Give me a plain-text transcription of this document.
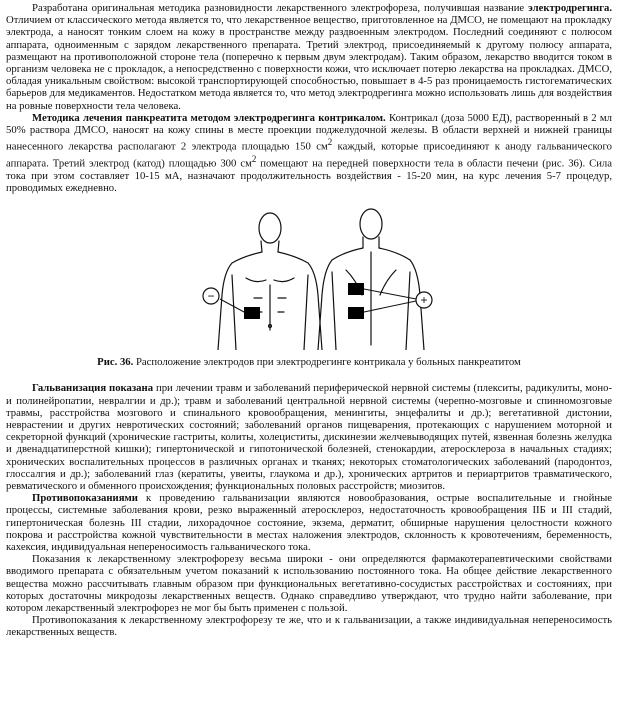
Разработана оригинальная методика разновидности лекарственного электрофореза, получившая название электродрегинга. Отличием от классического метода является то, что лекарственное вещество, приготовленное на ДМСО, не помещают на прокладку электрода, а наносят тонким слоем на кожу в пространстве между раздвоенным электродом. Последний соединяют с полюсом аппарата, одноименным с зарядом лекарственного препарата. Третий электрод, присоединяемый к другому полюсу аппарата, размещают на противоположной стороне тела (поперечно к первым двум электродам). Таким образом, лекарство вводится током в организм человека не с прокладок, а непосредственно с поверхности кожи, что исключает потерю лекарства на прокладках. ДМСО, обладая уникальным свойством: высокой транспортирующей способностью, повышает в 4-5 раз проницаемость гистогематических барьеров для медикаментов. Недостатком метода является то, что метод электродрегинга можно использовать лишь для воздействия на ровные поверхности тела человека.

Методика лечения панкреатита методом электродрегинга контрикалом. Контрикал (доза 5000 ЕД), растворенный в 2 мл 50% раствора ДМСО, наносят на кожу спины в месте проекции поджелудочной железы. В области верхней и нижней границы нанесенного лекарства располагают 2 электрода площадью 150 $см^2$ каждый, которые присоединяют к аноду гальванического аппарата. Третий электрод (катод) площадью 300 $см^2$ помещают на передней поверхности тела в области печени (рис. 36). Сила тока при этом составляет 10-15 мА, назначают продолжительность воздействия - 15-20 мин, на курс лечения 5-7 процедур, проводимых ежедневно.

−	+

Рис. 36. Расположение электродов при электродрегинге контрикала у больных панкреатитом

Гальванизация показана при лечении травм и заболеваний периферической нервной системы (плекситы, радикулиты, моно- и полинейропатии, невралгии и др.); травм и заболеваний центральной нервной системы (черепно-мозговые и спинномозговые травмы, расстройства мозгового и спинального кровообращения, менингиты, энцефалиты и др.); вегетативной дистонии, неврастении и других невротических состояний; заболеваний органов пищеварения, протекающих с нарушением моторной и секреторной функций (хронические гастриты, колиты, холециститы, дискинезии желчевыводящих путей, язвенная болезнь желудка и двенадцатиперстной кишки); гипертонической и гипотонической болезней, стенокардии, атеросклероза в начальных стадиях; хронических воспалительных процессов в различных органах и тканях; некоторых стоматологических заболеваний (пародонтоз, глоссалгия и др.); заболеваний глаз (кератиты, увеиты, глаукома и др.), хронических артритов и периартритов травматического, ревматического и обменного происхождения; функциональных половых расстройств; миозитов.

Противопоказаниями к проведению гальванизации являются новообразования, острые воспалительные и гнойные процессы, системные заболевания крови, резко выраженный атеросклероз, недостаточность кровообращения IIБ и III стадий, гипертоническая болезнь III стадии, лихорадочное состояние, экзема, дерматит, обширные нарушения целостности кожного покрова и расстройства кожной чувствительности в местах наложения электродов, склонность к кровотечениям, беременность, кахексия, индивидуальная непереносимость гальванического тока.

Показания к лекарственному электрофорезу весьма широки - они определяются фармакотерапевтическими свойствами вводимого препарата с обязательным учетом показаний к использованию постоянного тока. На общее действие лекарственного вещества можно рассчитывать главным образом при функциональных вегетативно-сосудистых расстройствах и состояниях, при которых достаточны микродозы лекарственных веществ. Однако справедливо утверждают, что трудно найти заболевание, при котором лекарственный электрофорез не мог бы быть применен с пользой.

Противопоказания к лекарственному электрофорезу те же, что и к гальванизации, а также индивидуальная непереносимость лекарственных веществ.
